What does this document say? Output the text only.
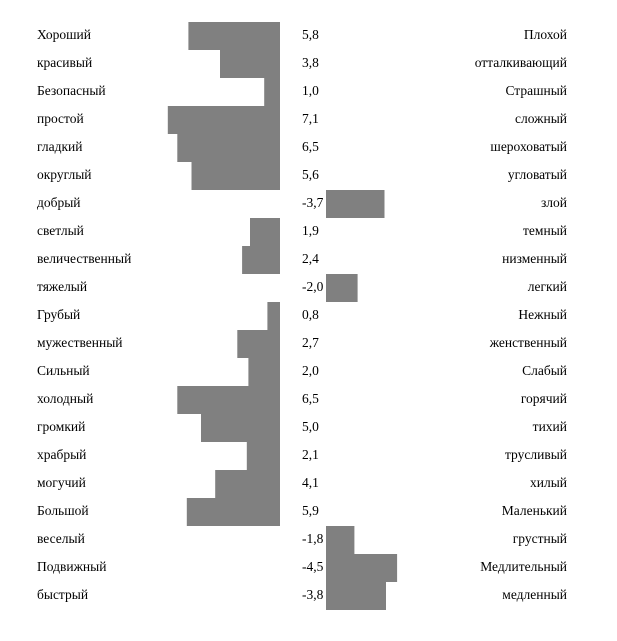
Хороший	5,8	Плохой
красивый	3,8	отталкивающий
Безопасный	1,0	Страшный
простой	7,1	сложный
гладкий	6,5	шероховатый
округлый	5,6	угловатый
добрый	-3,7	злой
светлый	1,9	темный
величественный	2,4	низменный
тяжелый	-2,0	легкий
Грубый	0,8	Нежный
мужественный	2,7	женственный
Сильный	2,0	Слабый
холодный	6,5	горячий
громкий	5,0	тихий
храбрый	2,1	трусливый
могучий	4,1	хилый
Большой	5,9	Маленький
веселый	-1,8	грустный
Подвижный	-4,5	Медлительный
быстрый	-3,8	медленный
